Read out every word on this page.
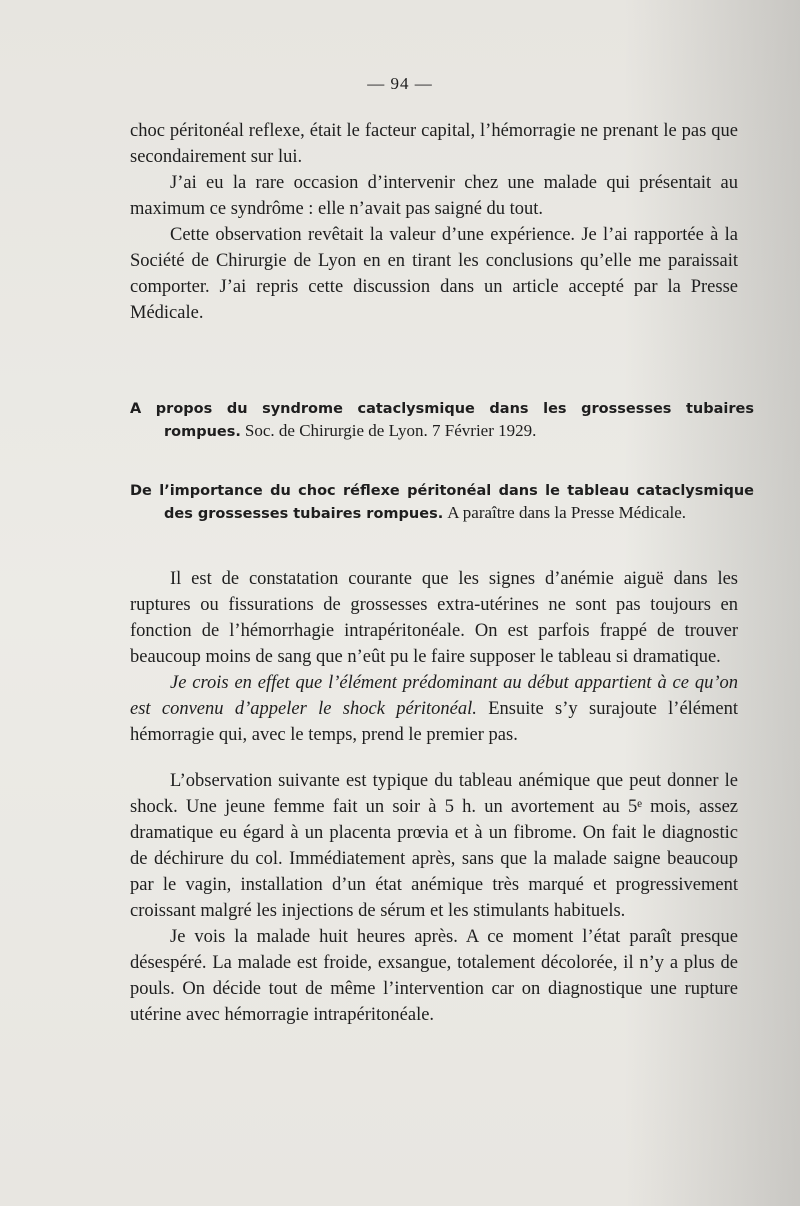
— 94 —

choc péritonéal reflexe, était le facteur capital, l’hémorragie ne prenant le pas que secondairement sur lui.

J’ai eu la rare occasion d’intervenir chez une malade qui présentait au maximum ce syndrôme : elle n’avait pas saigné du tout.

Cette observation revêtait la valeur d’une expérience. Je l’ai rapportée à la Société de Chirurgie de Lyon en en tirant les conclusions qu’elle me paraissait comporter. J’ai repris cette discussion dans un article accepté par la Presse Médicale.

A propos du syndrome cataclysmique dans les grossesses tubaires rompues. Soc. de Chirurgie de Lyon. 7 Février 1929.
De l’importance du choc réflexe péritonéal dans le tableau cataclysmique des grossesses tubaires rompues. A paraître dans la Presse Médicale.

Il est de constatation courante que les signes d’anémie aiguë dans les ruptures ou fissurations de grossesses extra-utérines ne sont pas toujours en fonction de l’hémorrhagie intrapéritonéale. On est parfois frappé de trouver beaucoup moins de sang que n’eût pu le faire supposer le tableau si dramatique.

Je crois en effet que l’élément prédominant au début appartient à ce qu’on est convenu d’appeler le shock péritonéal. Ensuite s’y surajoute l’élément hémorragie qui, avec le temps, prend le premier pas.

L’observation suivante est typique du tableau anémique que peut donner le shock. Une jeune femme fait un soir à 5 h. un avortement au 5ᵉ mois, assez dramatique eu égard à un placenta prœvia et à un fibrome. On fait le diagnostic de déchirure du col. Immédiatement après, sans que la malade saigne beaucoup par le vagin, installation d’un état anémique très marqué et progressivement croissant malgré les injections de sérum et les stimulants habituels.

Je vois la malade huit heures après. A ce moment l’état paraît presque désespéré. La malade est froide, exsangue, totalement décolorée, il n’y a plus de pouls. On décide tout de même l’intervention car on diagnostique une rupture utérine avec hémorragie intrapéritonéale.
